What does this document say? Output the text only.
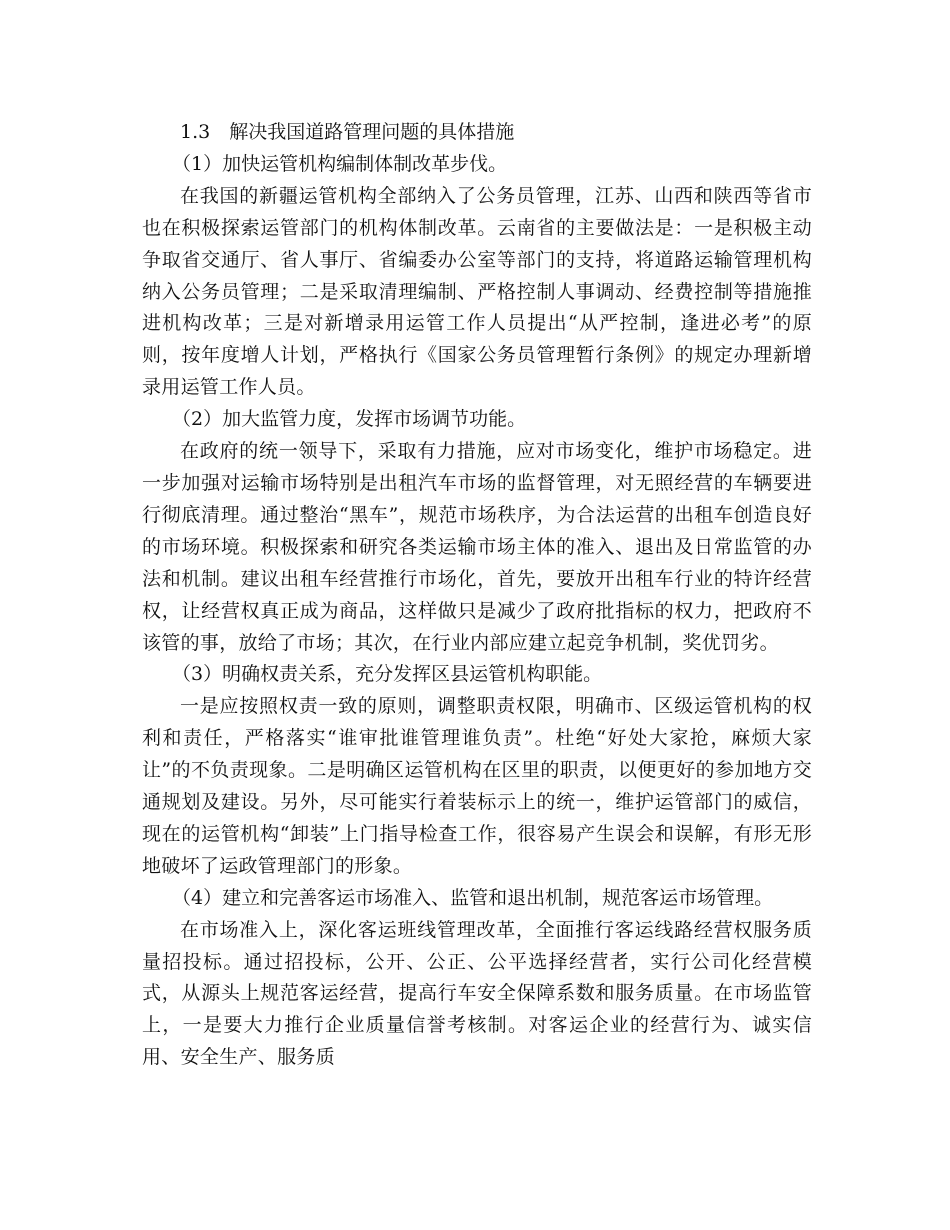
1.3　解决我国道路管理问题的具体措施

（1）加快运管机构编制体制改革步伐。

在我国的新疆运管机构全部纳入了公务员管理，江苏、山西和陕西等省市也在积极探索运管部门的机构体制改革。云南省的主要做法是：一是积极主动争取省交通厅、省人事厅、省编委办公室等部门的支持，将道路运输管理机构纳入公务员管理；二是采取清理编制、严格控制人事调动、经费控制等措施推进机构改革；三是对新增录用运管工作人员提出“从严控制，逢进必考”的原则，按年度增人计划，严格执行《国家公务员管理暂行条例》的规定办理新增录用运管工作人员。

（2）加大监管力度，发挥市场调节功能。

在政府的统一领导下，采取有力措施，应对市场变化，维护市场稳定。进一步加强对运输市场特别是出租汽车市场的监督管理，对无照经营的车辆要进行彻底清理。通过整治“黑车”，规范市场秩序，为合法运营的出租车创造良好的市场环境。积极探索和研究各类运输市场主体的准入、退出及日常监管的办法和机制。建议出租车经营推行市场化，首先，要放开出租车行业的特许经营权，让经营权真正成为商品，这样做只是减少了政府批指标的权力，把政府不该管的事，放给了市场；其次，在行业内部应建立起竞争机制，奖优罚劣。

（3）明确权责关系，充分发挥区县运管机构职能。

一是应按照权责一致的原则，调整职责权限，明确市、区级运管机构的权利和责任，严格落实“谁审批谁管理谁负责”。杜绝“好处大家抢，麻烦大家让”的不负责现象。二是明确区运管机构在区里的职责，以便更好的参加地方交通规划及建设。另外，尽可能实行着装标示上的统一，维护运管部门的威信，现在的运管机构“卸装”上门指导检查工作，很容易产生误会和误解，有形无形地破坏了运政管理部门的形象。

（4）建立和完善客运市场准入、监管和退出机制，规范客运市场管理。

在市场准入上，深化客运班线管理改革，全面推行客运线路经营权服务质量招投标。通过招投标，公开、公正、公平选择经营者，实行公司化经营模式，从源头上规范客运经营，提高行车安全保障系数和服务质量。在市场监管上，一是要大力推行企业质量信誉考核制。对客运企业的经营行为、诚实信用、安全生产、服务质
